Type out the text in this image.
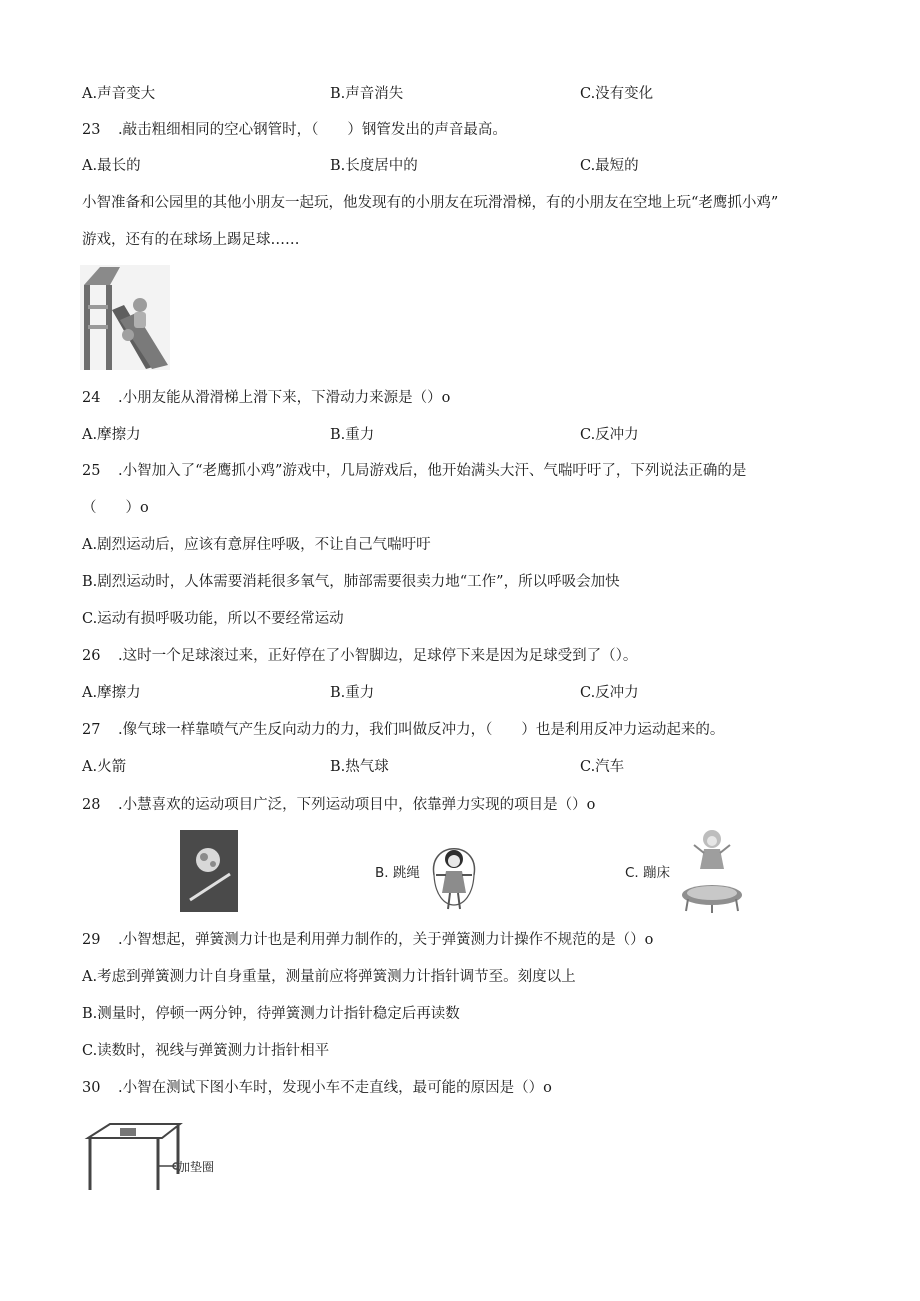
A.声音变大	B.声音消失	C.没有变化
23 .敲击粗细相同的空心钢管时，（　　）钢管发出的声音最高。
A.最长的	B.长度居中的	C.最短的
小智准备和公园里的其他小朋友一起玩，他发现有的小朋友在玩滑滑梯，有的小朋友在空地上玩“老鹰抓小鸡”
游戏，还有的在球场上踢足球……
24 .小朋友能从滑滑梯上滑下来，下滑动力来源是（）o
A.摩擦力	B.重力	C.反冲力
25 .小智加入了“老鹰抓小鸡”游戏中，几局游戏后，他开始满头大汗、气喘吁吁了，下列说法正确的是
（　　）o
A.剧烈运动后，应该有意屏住呼吸，不让自己气喘吁吁
B.剧烈运动时，人体需要消耗很多氧气，肺部需要很卖力地“工作”，所以呼吸会加快
C.运动有损呼吸功能，所以不要经常运动
26 .这时一个足球滚过来，正好停在了小智脚边，足球停下来是因为足球受到了（）。
A.摩擦力	B.重力	C.反冲力
27 .像气球一样靠喷气产生反向动力的力，我们叫做反冲力，（　　）也是利用反冲力运动起来的。
A.火箭	B.热气球	C.汽车
28 .小慧喜欢的运动项目广泛，下列运动项目中，依靠弹力实现的项目是（）o
B. 跳绳	C. 蹦床
29 .小智想起，弹簧测力计也是利用弹力制作的，关于弹簧测力计操作不规范的是（）o
A.考虑到弹簧测力计自身重量，测量前应将弹簧测力计指针调节至。刻度以上
B.测量时，停顿一两分钟，待弹簧测力计指针稳定后再读数
C.读数时，视线与弹簧测力计指针相平
30 .小智在测试下图小车时，发现小车不走直线，最可能的原因是（）o
加垫圈
